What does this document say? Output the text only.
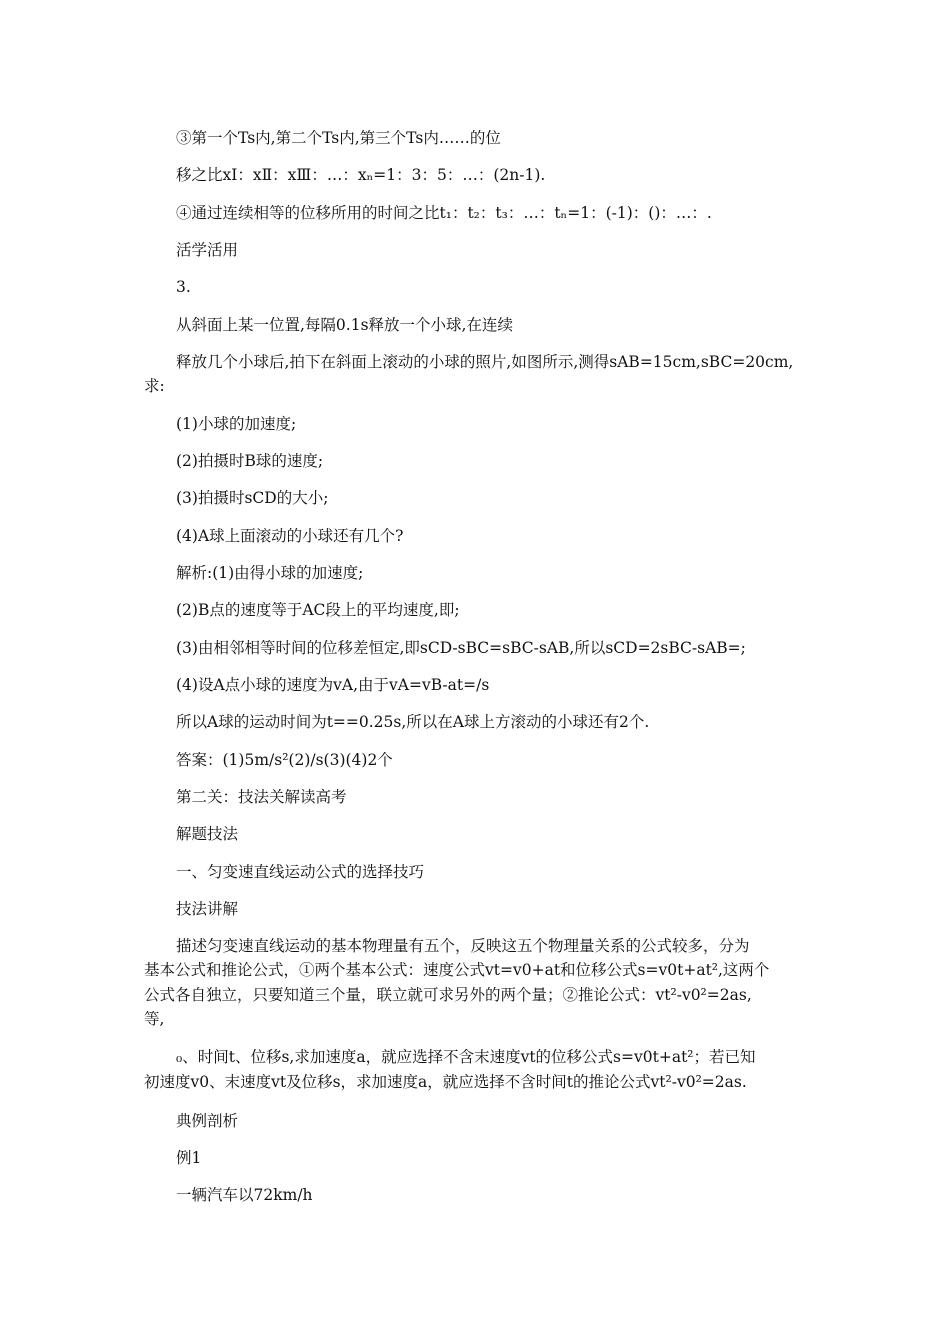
③第一个Ts内,第二个Ts内,第三个Ts内……的位
移之比xⅠ：xⅡ：xⅢ：…：xₙ=1：3：5：…：(2n-1).
④通过连续相等的位移所用的时间之比t₁：t₂：t₃：…：tₙ=1：(-1)：()：…：.
活学活用
3.
从斜面上某一位置,每隔0.1s释放一个小球,在连续
释放几个小球后,拍下在斜面上滚动的小球的照片,如图所示,测得sAB=15cm,sBC=20cm,
求:
(1)小球的加速度;
(2)拍摄时B球的速度;
(3)拍摄时sCD的大小;
(4)A球上面滚动的小球还有几个?
解析:(1)由得小球的加速度;
(2)B点的速度等于AC段上的平均速度,即;
(3)由相邻相等时间的位移差恒定,即sCD-sBC=sBC-sAB,所以sCD=2sBC-sAB=;
(4)设A点小球的速度为vA,由于vA=vB-at=/s
所以A球的运动时间为t==0.25s,所以在A球上方滚动的小球还有2个.
答案：(1)5m/s²(2)/s(3)(4)2个
第二关：技法关解读高考
解题技法
一、匀变速直线运动公式的选择技巧
技法讲解
描述匀变速直线运动的基本物理量有五个，反映这五个物理量关系的公式较多，分为
基本公式和推论公式，①两个基本公式：速度公式vt=v0+at和位移公式s=v0t+at²,这两个
公式各自独立，只要知道三个量，联立就可求另外的两个量；②推论公式：vt²-v0²=2as,
等,
₀、时间t、位移s,求加速度a，就应选择不含末速度vt的位移公式s=v0t+at²；若已知
初速度v0、末速度vt及位移s，求加速度a，就应选择不含时间t的推论公式vt²-v0²=2as.
典例剖析
例1
一辆汽车以72km/h
